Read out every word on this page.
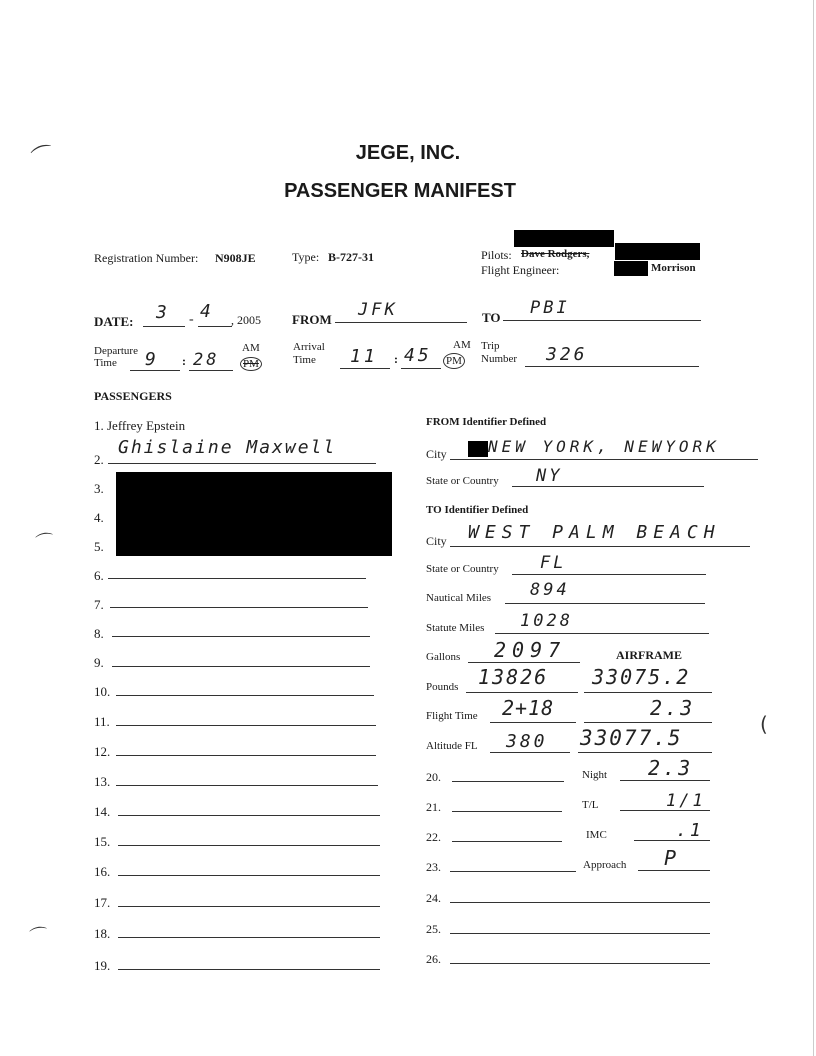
⌒
⌒
⌒
(
JEGE, INC.
PASSENGER MANIFEST
Registration Number: N908JE	Type: B-727-31	Pilots: Dave Rodgers,
Flight Engineer:	Morrison
DATE: 3 - 4 , 2005 FROM JFK	TO PBI
Departure
Time	9 : 28
AM
PM
Arrival
Time	11 : 45 AM
PM
Trip
Number 326
PASSENGERS
1. Jeffrey Epstein
2.
Ghislaine Maxwell
3.
4.
5.
6.
7.
8.
9.
10.
11.
12.
13.
14.
15.
16.
17.
18.
19.
FROM Identifier Defined
City	NEW YORK, NEWYORK
State or Country NY
TO Identifier Defined
City WEST PALM BEACH
State or Country FL
Nautical Miles 894
Statute Miles 1028
Gallons 2097	AIRFRAME
Pounds 13826 33075.2
Flight Time 2+18	2.3
Altitude FL 380 33077.5
20.	Night 2.3
21.	T/L	1/1
22.	IMC	.1
23.	Approach P
24.
25.
26.
